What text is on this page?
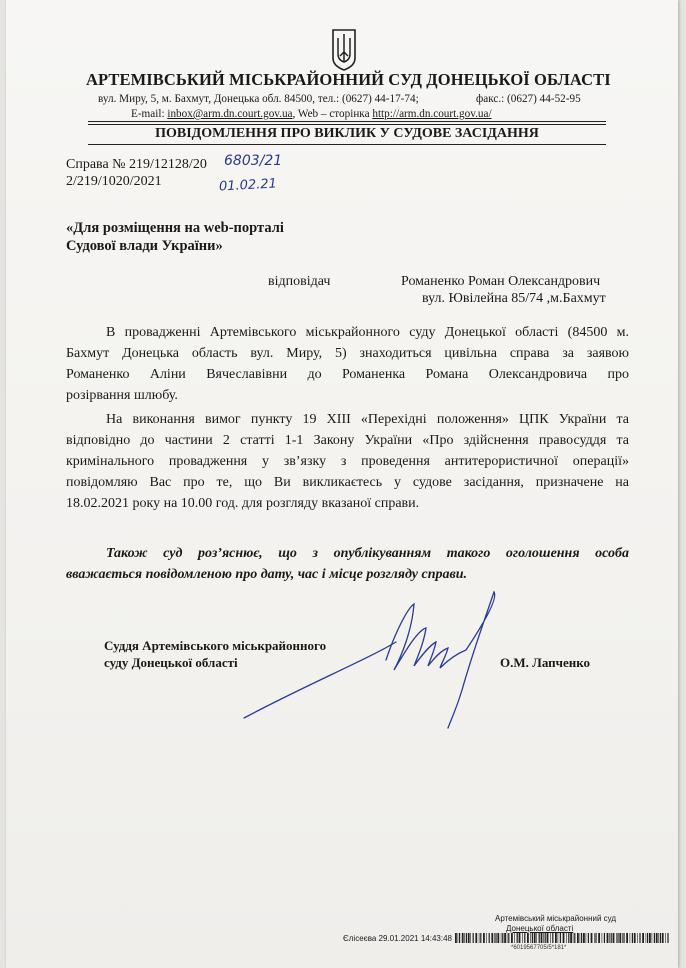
АРТЕМІВСЬКИЙ МІСЬКРАЙОННИЙ СУД ДОНЕЦЬКОЇ ОБЛАСТІ
вул. Миру, 5, м. Бахмут, Донецька обл. 84500, тел.: (0627) 44-17-74;	факс.: (0627) 44-52-95
E-mail: inbox@arm.dn.court.gov.ua, Web – сторінка http://arm.dn.court.gov.ua/
ПОВІДОМЛЕННЯ ПРО ВИКЛИК У СУДОВЕ ЗАСІДАННЯ
Справа № 219/12128/20
2/219/1020/2021
6803/21
01.02.21
«Для розміщення на web-порталі
Судової влади України»
відповідач	Романенко Роман Олександрович
вул. Ювілейна 85/74 ,м.Бахмут
В провадженні Артемівського міськрайонного суду Донецької області (84500 м.
Бахмут Донецька область вул. Миру, 5) знаходиться цивільна справа за заявою
Романенко Аліни Вячеславівни до Романенка Романа Олександровича про
розірвання шлюбу.
На виконання вимог пункту 19 XIII «Перехідні положення» ЦПК України та
відповідно до частини 2 статті 1-1 Закону України «Про здійснення правосуддя та
кримінального провадження у зв’язку з проведення антитерористичної операції»
повідомляю Вас про те, що Ви викликаєтесь у судове засідання, призначене на
18.02.2021 року на 10.00 год. для розгляду вказаної справи.
Також суд роз’яснює, що з опублікуванням такого оголошення особа
вважається повідомленою про дату, час і місце розгляду справи.
Суддя Артемівського міськрайонного
суду Донецької області	О.М. Лапченко
Артемівський міськрайонний суд
Донецької області
Єлісеєва 29.01.2021 14:43:48
*6019567705/5*181*
